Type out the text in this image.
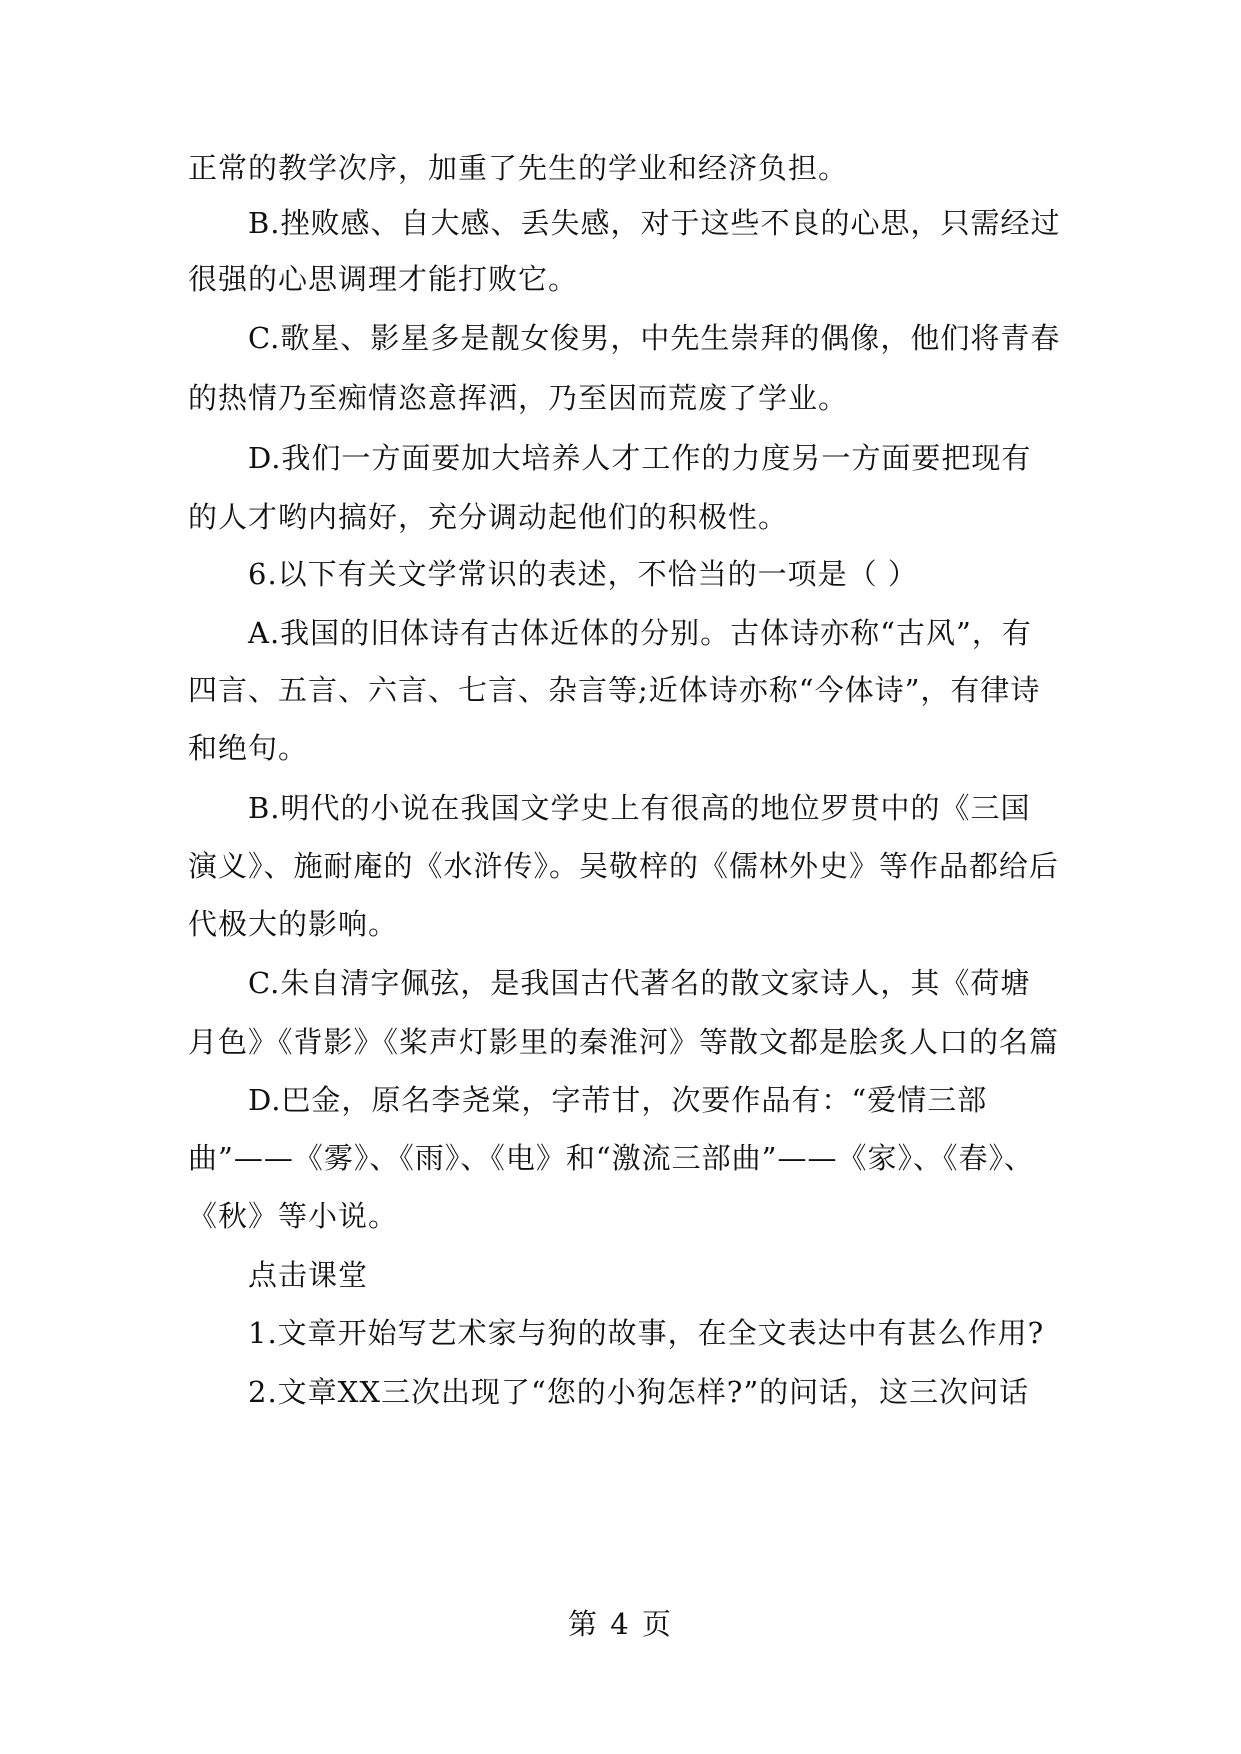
正常的教学次序，加重了先生的学业和经济负担。
B.挫败感、自大感、丢失感，对于这些不良的心思，只需经过
很强的心思调理才能打败它。
C.歌星、影星多是靓女俊男，中先生崇拜的偶像，他们将青春
的热情乃至痴情恣意挥洒，乃至因而荒废了学业。
D.我们一方面要加大培养人才工作的力度另一方面要把现有
的人才哟内搞好，充分调动起他们的积极性。
6.以下有关文学常识的表述，不恰当的一项是（ ）
A.我国的旧体诗有古体近体的分别。古体诗亦称“古风”，有
四言、五言、六言、七言、杂言等;近体诗亦称“今体诗”，有律诗
和绝句。
B.明代的小说在我国文学史上有很高的地位罗贯中的《三国
演义》、施耐庵的《水浒传》。吴敬梓的《儒林外史》等作品都给后
代极大的影响。
C.朱自清字佩弦，是我国古代著名的散文家诗人，其《荷塘
月色》《背影》《桨声灯影里的秦淮河》等散文都是脍炙人口的名篇
D.巴金，原名李尧棠，字芾甘，次要作品有：“爱情三部
曲”——《雾》、《雨》、《电》和“激流三部曲”——《家》、《春》、
《秋》等小说。
点击课堂
1.文章开始写艺术家与狗的故事，在全文表达中有甚么作用?
2.文章XX三次出现了“您的小狗怎样?”的问话，这三次问话
第 4 页
